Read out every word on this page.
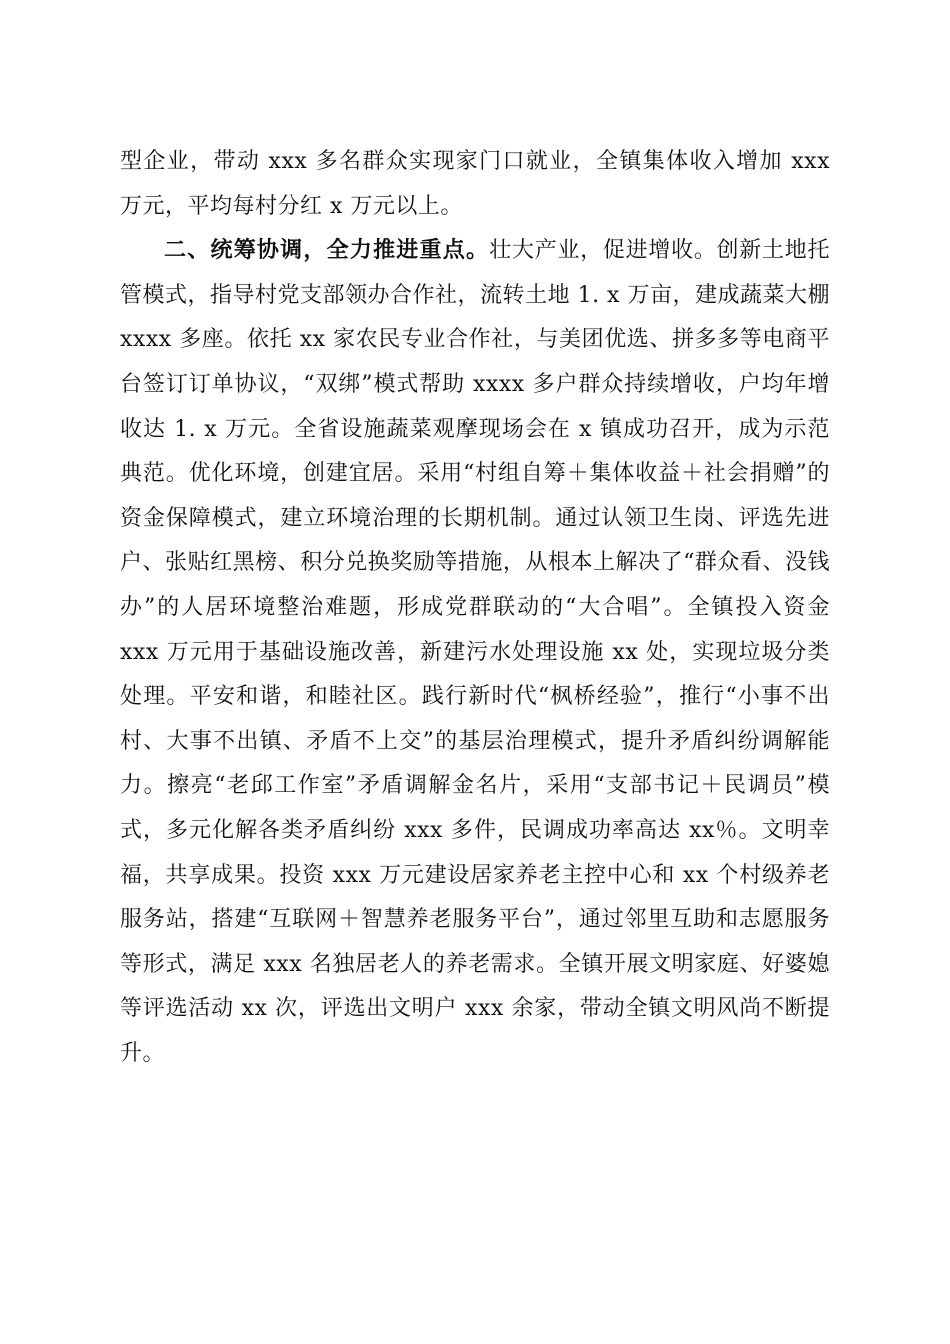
型企业，带动 xxx 多名群众实现家门口就业，全镇集体收入增加 xxx 万元，平均每村分红 x 万元以上。

二、统筹协调，全力推进重点。壮大产业，促进增收。创新土地托管模式，指导村党支部领办合作社，流转土地 1. x 万亩，建成蔬菜大棚 xxxx 多座。依托 xx 家农民专业合作社，与美团优选、拼多多等电商平台签订订单协议，“双绑”模式帮助 xxxx 多户群众持续增收，户均年增收达 1. x 万元。全省设施蔬菜观摩现场会在 x 镇成功召开，成为示范典范。优化环境，创建宜居。采用“村组自筹＋集体收益＋社会捐赠”的资金保障模式，建立环境治理的长期机制。通过认领卫生岗、评选先进户、张贴红黑榜、积分兑换奖励等措施，从根本上解决了“群众看、没钱办”的人居环境整治难题，形成党群联动的“大合唱”。全镇投入资金 xxx 万元用于基础设施改善，新建污水处理设施 xx 处，实现垃圾分类处理。平安和谐，和睦社区。践行新时代“枫桥经验”，推行“小事不出村、大事不出镇、矛盾不上交”的基层治理模式，提升矛盾纠纷调解能力。擦亮“老邱工作室”矛盾调解金名片，采用“支部书记＋民调员”模式，多元化解各类矛盾纠纷 xxx 多件，民调成功率高达 xx％。文明幸福，共享成果。投资 xxx 万元建设居家养老主控中心和 xx 个村级养老服务站，搭建“互联网＋智慧养老服务平台”，通过邻里互助和志愿服务等形式，满足 xxx 名独居老人的养老需求。全镇开展文明家庭、好婆媳等评选活动 xx 次，评选出文明户 xxx 余家，带动全镇文明风尚不断提升。
